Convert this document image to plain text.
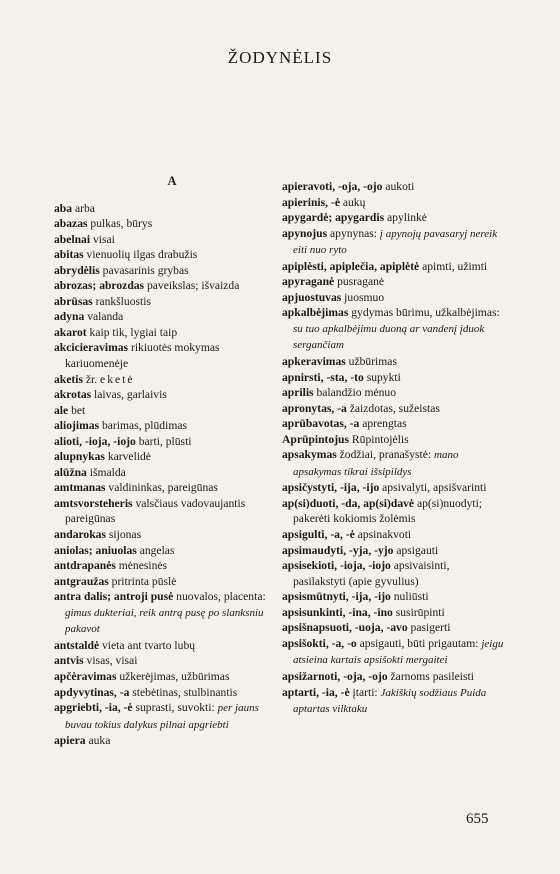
ŽODYNĖLIS
A
aba arba
abazas pulkas, būrys
abelnai visai
abitas vienuolių ilgas drabužis
abrydėlis pavasarinis grybas
abrozas; abrozdas paveikslas; išvaizda
abrūsas rankšluostis
adyna valanda
akarot kaip tik, lygiai taip
akcicieravimas rikiuotės mokymas kariuomenėje
aketis žr. eketė
akrotas laivas, garlaivis
ale bet
aliojimas barimas, plūdimas
alioti, -ioja, -iojo barti, plūsti
alupnykas karvelidė
alūžna išmalda
amtmanas valdininkas, pareigūnas
amtsvorsteheris valsčiaus vadovaujantis pareigūnas
andarokas sijonas
aniolas; aniuolas angelas
antdrapanės mėnesinės
antgraužas pritrinta pūslė
antra dalis; antroji pusė nuovalos, placenta: gimus dukteriai, reik antrą pusę po slanksniu pakavot
antstaldė vieta ant tvarto lubų
antvis visas, visai
apčėravimas užkerėjimas, užbūrimas
apdyvytinas, -a stebėtinas, stulbinantis
apgriebti, -ia, -ė suprasti, suvokti: per jauns buvau tokius dalykus pilnai apgriebti
apiera auka
apieravoti, -oja, -ojo aukoti
apierinis, -ė aukų
apygardė; apygardis apylinkė
apynojus apynynas: į apynojų pavasaryj nereik eiti nuo ryto
apiplėsti, apiplečia, apiplėtė apimti, užimti
apyraganė pusraganė
apjuostuvas juosmuo
apkalbėjimas gydymas būrimu, užkalbėjimas: su tuo apkalbėjimu duoną ar vandenį įduok sergančiam
apkeravimas užbūrimas
apnirsti, -sta, -to supykti
aprilis balandžio mėnuo
apronytas, -a žaizdotas, sužeistas
aprūbavotas, -a aprengtas
Aprūpintojus Rūpintojėlis
apsakymas žodžiai, pranašystė: mano apsakymas tikrai išsipildys
apsičystyti, -ija, -ijo apsivalyti, apsišvarinti
ap(si)duoti, -da, ap(si)davė ap(si)nuodyti; pakerėti kokiomis žolėmis
apsigulti, -a, -ė apsinakvoti
apsimaudyti, -yja, -yjo apsigauti
apsisekioti, -ioja, -iojo apsivaisinti, pasilakstyti (apie gyvulius)
apsismūtnyti, -ija, -ijo nuliūsti
apsisunkinti, -ina, -ino susirūpinti
apsišnapsuoti, -uoja, -avo pasigerti
apsišokti, -a, -o apsigauti, būti prigautam: jeigu atsieina kartais apsišokti mergaitei
apsižarnoti, -oja, -ojo žarnoms pasileisti
aptarti, -ia, -ė įtarti: Jakiškių sodžiaus Puida aptartas vilktaku
655
